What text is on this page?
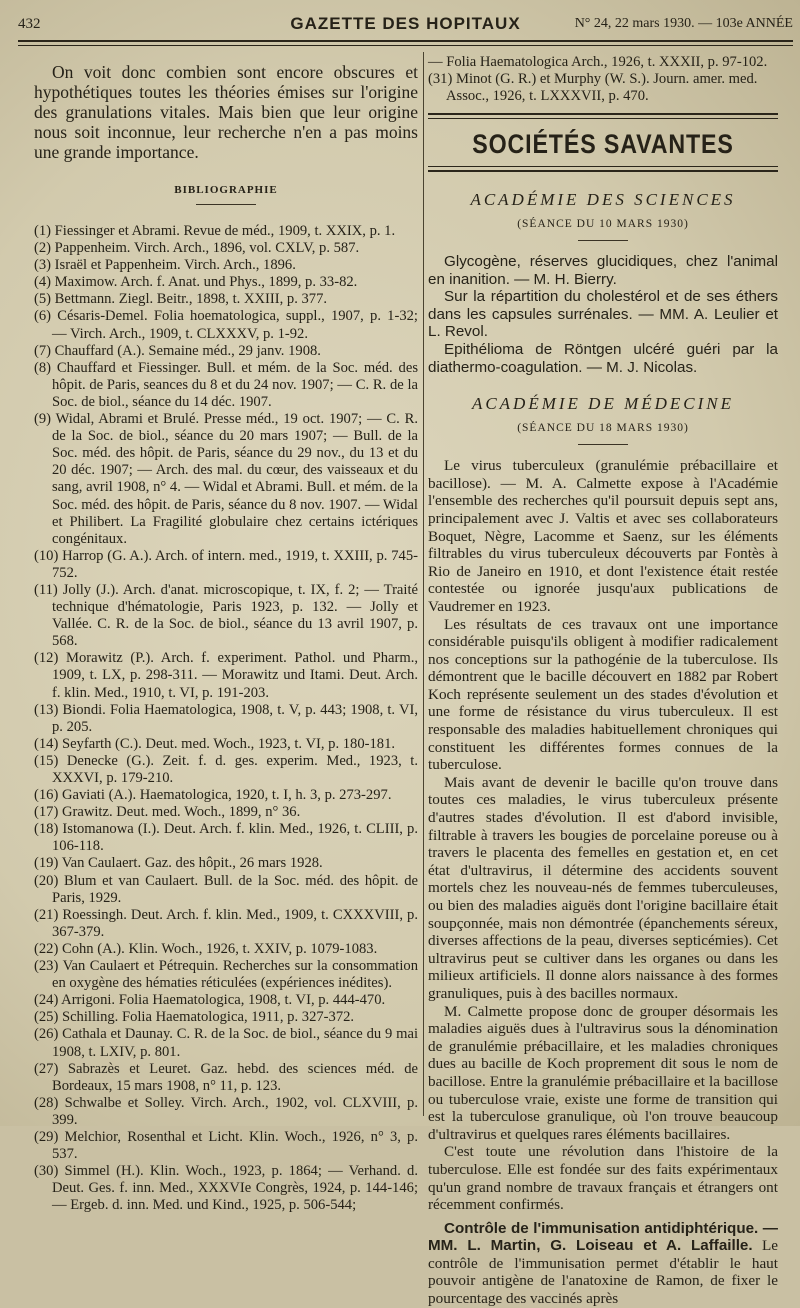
432	GAZETTE DES HOPITAUX	N° 24, 22 mars 1930. — 103e ANNÉE

On voit donc combien sont encore obscures et hypothétiques toutes les théories émises sur l'origine des granulations vitales. Mais bien que leur origine nous soit inconnue, leur recherche n'en a pas moins une grande importance.

BIBLIOGRAPHIE

(1) Fiessinger et Abrami. Revue de méd., 1909, t. XXIX, p. 1.

(2) Pappenheim. Virch. Arch., 1896, vol. CXLV, p. 587.

(3) Israël et Pappenheim. Virch. Arch., 1896.

(4) Maximow. Arch. f. Anat. und Phys., 1899, p. 33-82.

(5) Bettmann. Ziegl. Beitr., 1898, t. XXIII, p. 377.

(6) Césaris-Demel. Folia hoematologica, suppl., 1907, p. 1-32; — Virch. Arch., 1909, t. CLXXXV, p. 1-92.

(7) Chauffard (A.). Semaine méd., 29 janv. 1908.

(8) Chauffard et Fiessinger. Bull. et mém. de la Soc. méd. des hôpit. de Paris, seances du 8 et du 24 nov. 1907; — C. R. de la Soc. de biol., séance du 14 déc. 1907.

(9) Widal, Abrami et Brulé. Presse méd., 19 oct. 1907; — C. R. de la Soc. de biol., séance du 20 mars 1907; — Bull. de la Soc. méd. des hôpit. de Paris, séance du 29 nov., du 13 et du 20 déc. 1907; — Arch. des mal. du cœur, des vaisseaux et du sang, avril 1908, n° 4. — Widal et Abrami. Bull. et mém. de la Soc. méd. des hôpit. de Paris, séance du 8 nov. 1907. — Widal et Philibert. La Fragilité globulaire chez certains ictériques congénitaux.

(10) Harrop (G. A.). Arch. of intern. med., 1919, t. XXIII, p. 745-752.

(11) Jolly (J.). Arch. d'anat. microscopique, t. IX, f. 2; — Traité technique d'hématologie, Paris 1923, p. 132. — Jolly et Vallée. C. R. de la Soc. de biol., séance du 13 avril 1907, p. 568.

(12) Morawitz (P.). Arch. f. experiment. Pathol. und Pharm., 1909, t. LX, p. 298-311. — Morawitz und Itami. Deut. Arch. f. klin. Med., 1910, t. VI, p. 191-203.

(13) Biondi. Folia Haematologica, 1908, t. V, p. 443; 1908, t. VI, p. 205.

(14) Seyfarth (C.). Deut. med. Woch., 1923, t. VI, p. 180-181.

(15) Denecke (G.). Zeit. f. d. ges. experim. Med., 1923, t. XXXVI, p. 179-210.

(16) Gaviati (A.). Haematologica, 1920, t. I, h. 3, p. 273-297.

(17) Grawitz. Deut. med. Woch., 1899, n° 36.

(18) Istomanowa (I.). Deut. Arch. f. klin. Med., 1926, t. CLIII, p. 106-118.

(19) Van Caulaert. Gaz. des hôpit., 26 mars 1928.

(20) Blum et van Caulaert. Bull. de la Soc. méd. des hôpit. de Paris, 1929.

(21) Roessingh. Deut. Arch. f. klin. Med., 1909, t. CXXXVIII, p. 367-379.

(22) Cohn (A.). Klin. Woch., 1926, t. XXIV, p. 1079-1083.

(23) Van Caulaert et Pétrequin. Recherches sur la consommation en oxygène des hématies réticulées (expériences inédites).

(24) Arrigoni. Folia Haematologica, 1908, t. VI, p. 444-470.

(25) Schilling. Folia Haematologica, 1911, p. 327-372.

(26) Cathala et Daunay. C. R. de la Soc. de biol., séance du 9 mai 1908, t. LXIV, p. 801.

(27) Sabrazès et Leuret. Gaz. hebd. des sciences méd. de Bordeaux, 15 mars 1908, n° 11, p. 123.

(28) Schwalbe et Solley. Virch. Arch., 1902, vol. CLXVIII, p. 399.

(29) Melchior, Rosenthal et Licht. Klin. Woch., 1926, n° 3, p. 537.

(30) Simmel (H.). Klin. Woch., 1923, p. 1864; — Verhand. d. Deut. Ges. f. inn. Med., XXXVIe Congrès, 1924, p. 144-146; — Ergeb. d. inn. Med. und Kind., 1925, p. 506-544;

— Folia Haematologica Arch., 1926, t. XXXII, p. 97-102.

(31) Minot (G. R.) et Murphy (W. S.). Journ. amer. med. Assoc., 1926, t. LXXXVII, p. 470.

SOCIÉTÉS SAVANTES
ACADÉMIE DES SCIENCES
(SÉANCE DU 10 MARS 1930)

Glycogène, réserves glucidiques, chez l'animal en inanition. — M. H. Bierry.

Sur la répartition du cholestérol et de ses éthers dans les capsules surrénales. — MM. A. Leulier et L. Revol.

Epithélioma de Röntgen ulcéré guéri par la diathermo-coagulation. — M. J. Nicolas.

ACADÉMIE DE MÉDECINE
(SÉANCE DU 18 MARS 1930)

Le virus tuberculeux (granulémie prébacillaire et bacillose). — M. A. Calmette expose à l'Académie l'ensemble des recherches qu'il poursuit depuis sept ans, principalement avec J. Valtis et avec ses collaborateurs Boquet, Nègre, Lacomme et Saenz, sur les éléments filtrables du virus tuberculeux découverts par Fontès à Rio de Janeiro en 1910, et dont l'existence était restée contestée ou ignorée jusqu'aux publications de Vaudremer en 1923.

Les résultats de ces travaux ont une importance considérable puisqu'ils obligent à modifier radicalement nos conceptions sur la pathogénie de la tuberculose. Ils démontrent que le bacille découvert en 1882 par Robert Koch représente seulement un des stades d'évolution et une forme de résistance du virus tuberculeux. Il est responsable des maladies habituellement chroniques qui constituent les différentes formes connues de la tuberculose.

Mais avant de devenir le bacille qu'on trouve dans toutes ces maladies, le virus tuberculeux présente d'autres stades d'évolution. Il est d'abord invisible, filtrable à travers les bougies de porcelaine poreuse ou à travers le placenta des femelles en gestation et, en cet état d'ultravirus, il détermine des accidents souvent mortels chez les nouveau-nés de femmes tuberculeuses, ou bien des maladies aiguës dont l'origine bacillaire était soupçonnée, mais non démontrée (épanchements séreux, diverses affections de la peau, diverses septicémies). Cet ultravirus peut se cultiver dans les organes ou dans les milieux artificiels. Il donne alors naissance à des formes granuliques, puis à des bacilles normaux.

M. Calmette propose donc de grouper désormais les maladies aiguës dues à l'ultravirus sous la dénomination de granulémie prébacillaire, et les maladies chroniques dues au bacille de Koch proprement dit sous le nom de bacillose. Entre la granulémie prébacillaire et la bacillose ou tuberculose vraie, existe une forme de transition qui est la tuberculose granulique, où l'on trouve beaucoup d'ultravirus et quelques rares éléments bacillaires.

C'est toute une révolution dans l'histoire de la tuberculose. Elle est fondée sur des faits expérimentaux qu'un grand nombre de travaux français et étrangers ont récemment confirmés.

Contrôle de l'immunisation antidiphtérique. — MM. L. Martin, G. Loiseau et A. Laffaille. Le contrôle de l'immunisation permet d'établir le haut pouvoir antigène de l'anatoxine de Ramon, de fixer le pourcentage des vaccinés après
